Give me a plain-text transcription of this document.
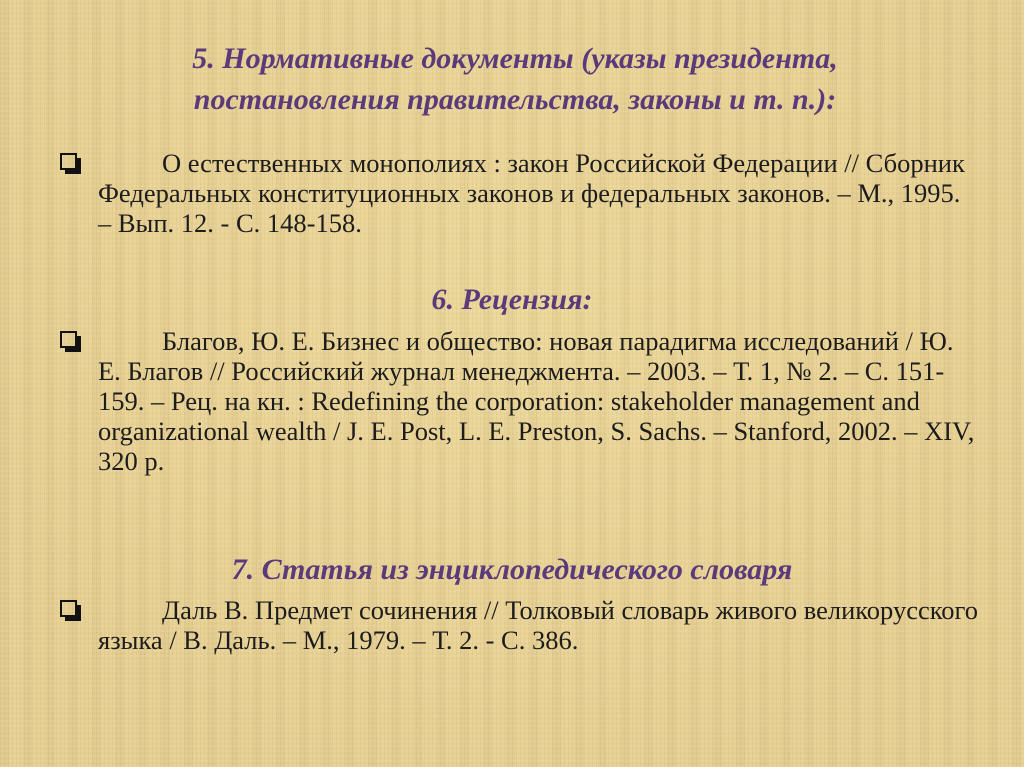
5. Нормативные документы (указы президента, постановления правительства, законы и т. п.):

О естественных монополиях : закон Российской Федерации // Сборник Федеральных конституционных законов и федеральных законов. – М., 1995. – Вып. 12. - С. 148-158.

6. Рецензия:

Благов, Ю. Е. Бизнес и общество: новая парадигма исследований / Ю. Е. Благов // Российский журнал менеджмента. – 2003. – Т. 1, № 2. – С. 151-159. – Рец. на кн. : Redefining the corporation: stakeholder management and organizational wealth / J. E. Post, L. E. Preston, S. Sachs. – Stanford, 2002. – XIV, 320 p.

7. Статья из энциклопедического словаря

Даль В. Предмет сочинения // Толковый словарь живого великорусского языка / В. Даль. – М., 1979. – Т. 2. - С. 386.
